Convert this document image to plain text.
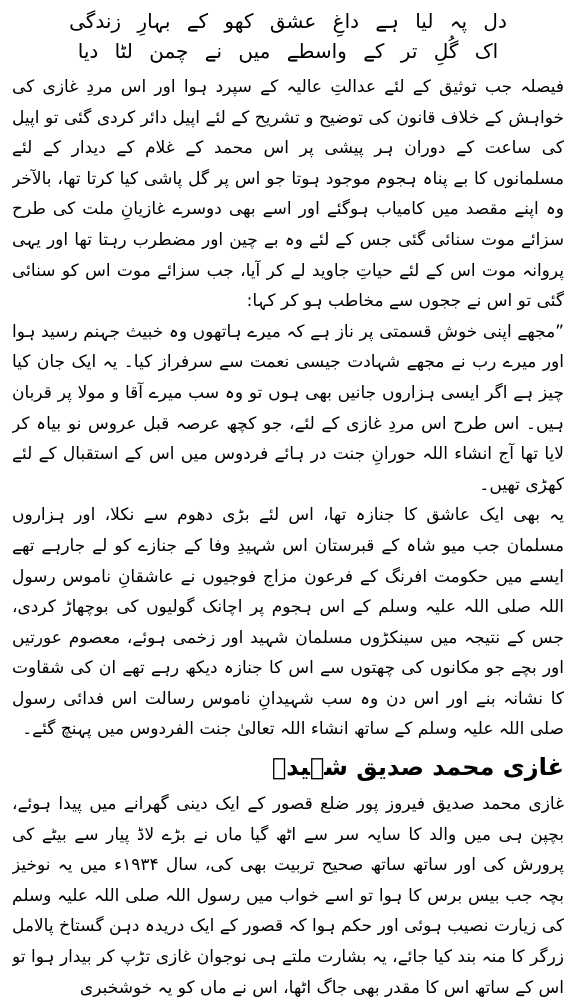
دل پہ لیا ہے داغِ عشق کھو کے بہارِ زندگی
اک گُلِ تر کے واسطے میں نے چمن لٹا دیا

فیصلہ جب توثیق کے لئے عدالتِ عالیہ کے سپرد ہوا اور اس مردِ غازی کی خواہش کے خلاف قانون کی توضیح و تشریح کے لئے اپیل دائر کردی گئی تو اپیل کی ساعت کے دوران ہر پیشی پر اس محمد کے غلام کے دیدار کے لئے مسلمانوں کا بے پناہ ہجوم موجود ہوتا جو اس پر گل پاشی کیا کرتا تھا، بالآخر وہ اپنے مقصد میں کامیاب ہوگئے اور اسے بھی دوسرے غازیانِ ملت کی طرح سزائے موت سنائی گئی جس کے لئے وہ بے چین اور مضطرب رہتا تھا اور یہی پروانہ موت اس کے لئے حیاتِ جاوید لے کر آیا، جب سزائے موت اس کو سنائی گئی تو اس نے ججوں سے مخاطب ہو کر کہا:

”مجھے اپنی خوش قسمتی پر ناز ہے کہ میرے ہاتھوں وہ خبیث جہنم رسید ہوا اور میرے رب نے مجھے شہادت جیسی نعمت سے سرفراز کیا۔ یہ ایک جان کیا چیز ہے اگر ایسی ہزاروں جانیں بھی ہوں تو وہ سب میرے آقا و مولا پر قربان ہیں۔ اس طرح اس مردِ غازی کے لئے، جو کچھ عرصہ قبل عروس نو بیاہ کر لایا تھا آج انشاء اللہ حورانِ جنت در ہائے فردوس میں اس کے استقبال کے لئے کھڑی تھیں۔

یہ بھی ایک عاشق کا جنازہ تھا، اس لئے بڑی دھوم سے نکلا، اور ہزاروں مسلمان جب میو شاہ کے قبرستان اس شہیدِ وفا کے جنازے کو لے جارہے تھے ایسے میں حکومت افرنگ کے فرعون مزاج فوجیوں نے عاشقانِ ناموس رسول اللہ صلی اللہ علیہ وسلم کے اس ہجوم پر اچانک گولیوں کی بوچھاڑ کردی، جس کے نتیجہ میں سینکڑوں مسلمان شہید اور زخمی ہوئے، معصوم عورتیں اور بچے جو مکانوں کی چھتوں سے اس کا جنازہ دیکھ رہے تھے ان کی شقاوت کا نشانہ بنے اور اس دن وہ سب شہیدانِ ناموس رسالت اس فدائی رسول صلی اللہ علیہ وسلم کے ساتھ انشاء اللہ تعالیٰ جنت الفردوس میں پہنچ گئے۔

غازی محمد صدیق شہیدؒ

غازی محمد صدیق فیروز پور ضلع قصور کے ایک دینی گھرانے میں پیدا ہوئے، بچپن ہی میں والد کا سایہ سر سے اٹھ گیا ماں نے بڑے لاڈ پیار سے بیٹے کی پرورش کی اور ساتھ ساتھ صحیح تربیت بھی کی، سال ۱۹۳۴ء میں یہ نوخیز بچہ جب بیس برس کا ہوا تو اسے خواب میں رسول اللہ صلی اللہ علیہ وسلم کی زیارت نصیب ہوئی اور حکم ہوا کہ قصور کے ایک دریدہ دہن گستاخ پالامل زرگر کا منہ بند کیا جائے، یہ بشارت ملتے ہی نوجوان غازی تڑپ کر بیدار ہوا تو اس کے ساتھ اس کا مقدر بھی جاگ اٹھا، اس نے ماں کو یہ خوشخبری
